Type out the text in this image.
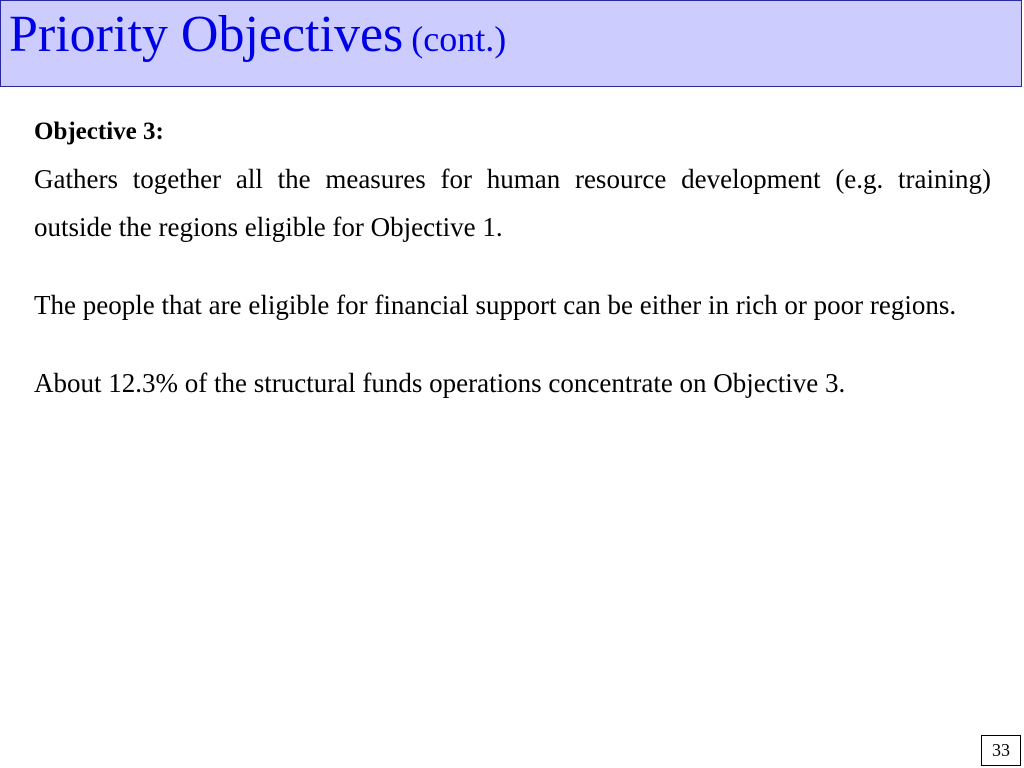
Priority Objectives (cont.)
Objective 3:

Gathers together all the measures for human resource development (e.g. training) outside the regions eligible for Objective 1.

The people that are eligible for financial support can be either in rich or poor regions.

About 12.3% of the structural funds operations concentrate on Objective 3.

33
